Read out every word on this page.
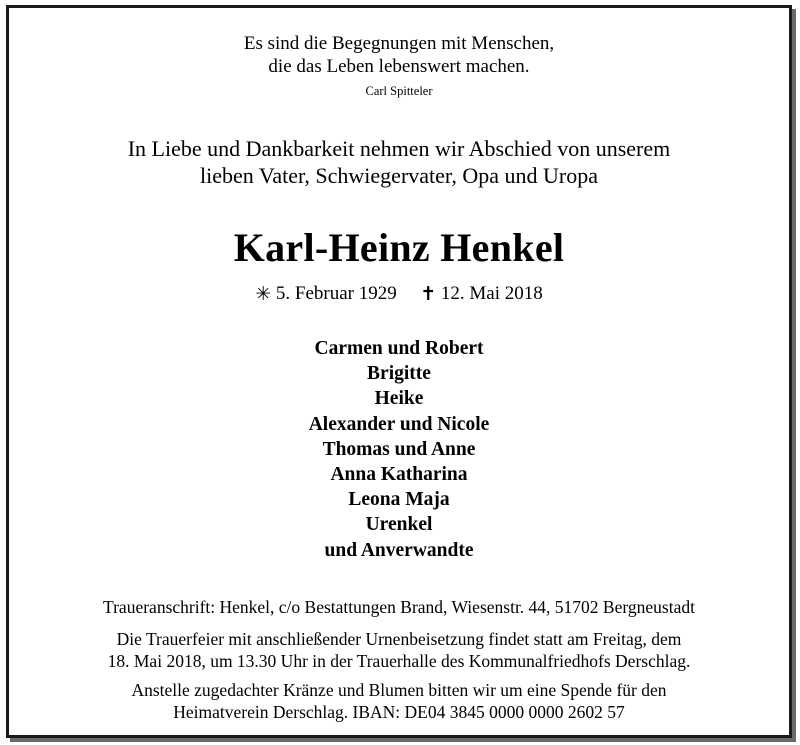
Es sind die Begegnungen mit Menschen,
die das Leben lebenswert machen.
Carl Spitteler
In Liebe und Dankbarkeit nehmen wir Abschied von unserem
lieben Vater, Schwiegervater, Opa und Uropa
Karl-Heinz Henkel
✳ 5. Februar 1929 ✝ 12. Mai 2018
Carmen und Robert
Brigitte
Heike
Alexander und Nicole
Thomas und Anne
Anna Katharina
Leona Maja
Urenkel
und Anverwandte
Traueranschrift: Henkel, c/o Bestattungen Brand, Wiesenstr. 44, 51702 Bergneustadt
Die Trauerfeier mit anschließender Urnenbeisetzung findet statt am Freitag, dem
18. Mai 2018, um 13.30 Uhr in der Trauerhalle des Kommunalfriedhofs Derschlag.
Anstelle zugedachter Kränze und Blumen bitten wir um eine Spende für den
Heimatverein Derschlag. IBAN: DE04 3845 0000 0000 2602 57
